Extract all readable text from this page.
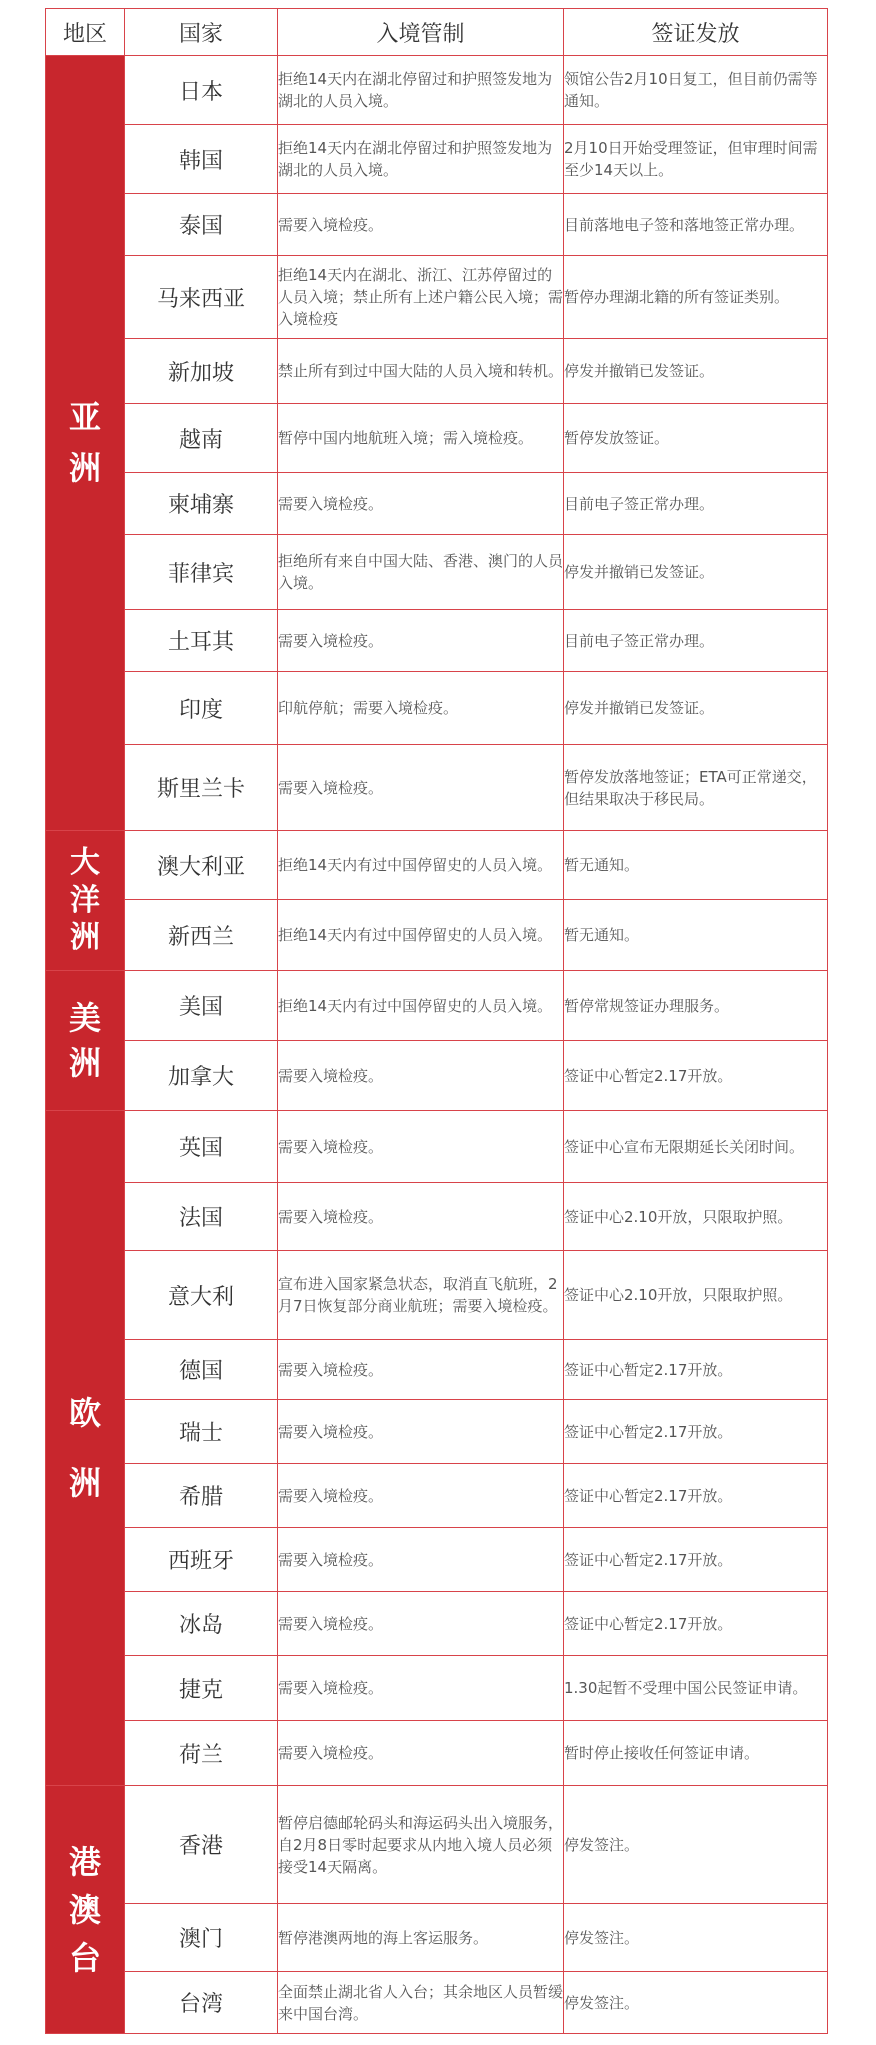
地区	国家	入境管制	签证发放
亚洲	日本	拒绝14天内在湖北停留过和护照签发地为湖北的人员入境。	领馆公告2月10日复工，但目前仍需等通知。
	韩国	拒绝14天内在湖北停留过和护照签发地为湖北的人员入境。	2月10日开始受理签证，但审理时间需至少14天以上。
	泰国	需要入境检疫。	目前落地电子签和落地签正常办理。
	马来西亚	拒绝14天内在湖北、浙江、江苏停留过的人员入境；禁止所有上述户籍公民入境；需入境检疫	暂停办理湖北籍的所有签证类别。
	新加坡	禁止所有到过中国大陆的人员入境和转机。	停发并撤销已发签证。
	越南	暂停中国内地航班入境；需入境检疫。	暂停发放签证。
	柬埔寨	需要入境检疫。	目前电子签正常办理。
	菲律宾	拒绝所有来自中国大陆、香港、澳门的人员入境。	停发并撤销已发签证。
	土耳其	需要入境检疫。	目前电子签正常办理。
	印度	印航停航；需要入境检疫。	停发并撤销已发签证。
	斯里兰卡	需要入境检疫。	暂停发放落地签证；ETA可正常递交，但结果取决于移民局。
大洋洲	澳大利亚	拒绝14天内有过中国停留史的人员入境。	暂无通知。
	新西兰	拒绝14天内有过中国停留史的人员入境。	暂无通知。
美洲	美国	拒绝14天内有过中国停留史的人员入境。	暂停常规签证办理服务。
	加拿大	需要入境检疫。	签证中心暂定2.17开放。
欧洲	英国	需要入境检疫。	签证中心宣布无限期延长关闭时间。
	法国	需要入境检疫。	签证中心2.10开放，只限取护照。
	意大利	宣布进入国家紧急状态，取消直飞航班，2月7日恢复部分商业航班；需要入境检疫。	签证中心2.10开放，只限取护照。
	德国	需要入境检疫。	签证中心暂定2.17开放。
	瑞士	需要入境检疫。	签证中心暂定2.17开放。
	希腊	需要入境检疫。	签证中心暂定2.17开放。
	西班牙	需要入境检疫。	签证中心暂定2.17开放。
	冰岛	需要入境检疫。	签证中心暂定2.17开放。
	捷克	需要入境检疫。	1.30起暂不受理中国公民签证申请。
	荷兰	需要入境检疫。	暂时停止接收任何签证申请。
港澳台	香港	暂停启德邮轮码头和海运码头出入境服务，自2月8日零时起要求从内地入境人员必须接受14天隔离。	停发签注。
	澳门	暂停港澳两地的海上客运服务。	停发签注。
	台湾	全面禁止湖北省人入台；其余地区人员暂缓来中国台湾。	停发签注。
